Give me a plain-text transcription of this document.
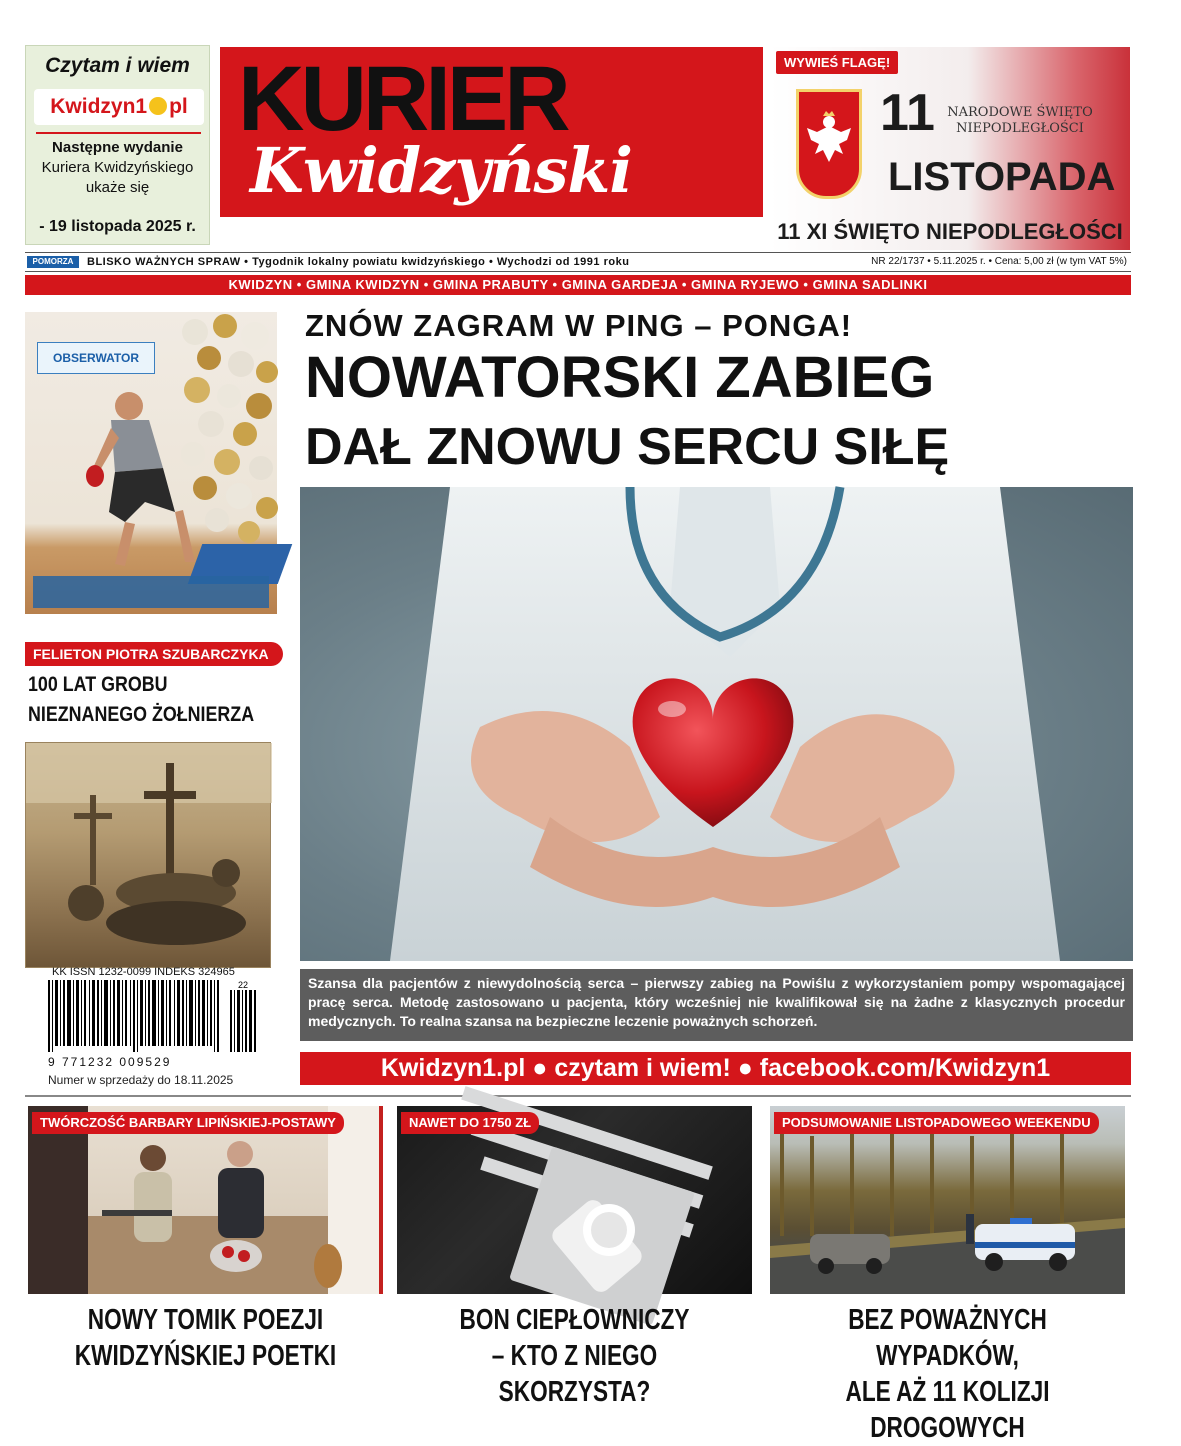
Czytam i wiem
Kwidzyn1 pl
Następne wydanie
Kuriera Kwidzyńskiego
ukaże się
- 19 listopada 2025 r.
KURIER
Kwidzyński
WYWIEŚ FLAGĘ!
11 NARODOWE ŚWIĘTO
NIEPODLEGŁOŚCI
LISTOPADA
11 XI ŚWIĘTO NIEPODLEGŁOŚCI
POMORZA	BLISKO WAŻNYCH SPRAW • Tygodnik lokalny powiatu kwidzyńskiego • Wychodzi od 1991 roku	NR 22/1737 • 5.11.2025 r. • Cena: 5,00 zł (w tym VAT 5%)
KWIDZYN • GMINA KWIDZYN • GMINA PRABUTY • GMINA GARDEJA • GMINA RYJEWO • GMINA SADLINKI
OBSERWATOR
FELIETON PIOTRA SZUBARCZYKA
100 LAT GROBU
NIEZNANEGO ŻOŁNIERZA
KK ISSN 1232-0099 INDEKS 324965
22
9 771232 009529
Numer w sprzedaży do 18.11.2025
ZNÓW ZAGRAM W PING – PONGA!
NOWATORSKI ZABIEG
DAŁ ZNOWU SERCU SIŁĘ
Szansa dla pacjentów z niewydolnością serca – pierwszy zabieg na Powiślu z wykorzystaniem pompy wspomagającej pracę serca. Metodę zastosowano u pacjenta, który wcześniej nie kwalifikował się na żadne z klasycznych procedur medycznych. To realna szansa na bezpieczne leczenie poważnych schorzeń.
Kwidzyn1.pl ● czytam i wiem! ● facebook.com/Kwidzyn1
TWÓRCZOŚĆ BARBARY LIPIŃSKIEJ-POSTAWY
NOWY TOMIK POEZJI
KWIDZYŃSKIEJ POETKI
NAWET DO 1750 ZŁ
BON CIEPŁOWNICZY
– KTO Z NIEGO SKORZYSTA?
PODSUMOWANIE LISTOPADOWEGO WEEKENDU
BEZ POWAŻNYCH WYPADKÓW,
ALE AŻ 11 KOLIZJI DROGOWYCH
